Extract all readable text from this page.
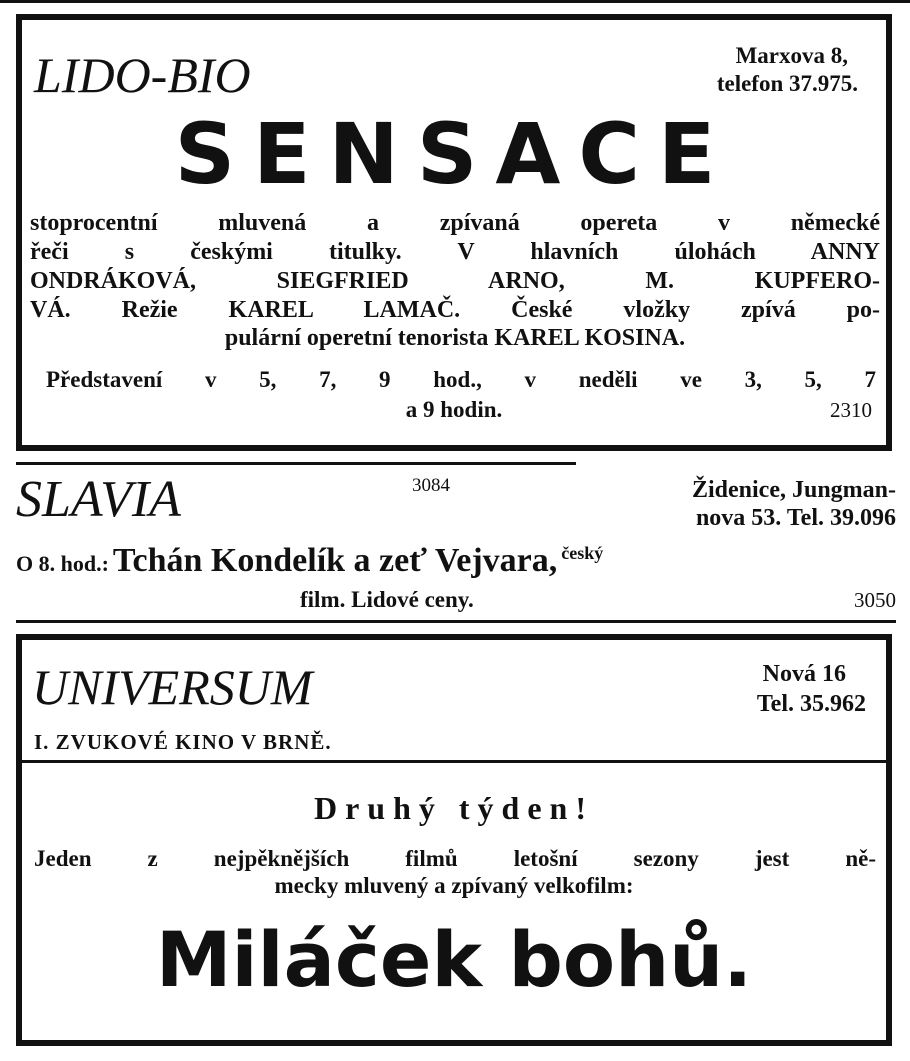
LIDO-BIO	Marxova 8,
telefon 37.975.
SENSACE
stoprocentní mluvená a zpívaná opereta v německé
řeči s českými titulky. V hlavních úlohách ANNY
ONDRÁKOVÁ, SIEGFRIED ARNO, M. KUPFERO-
VÁ. Režie KAREL LAMAČ. České vložky zpívá po-
pulární operetní tenorista KAREL KOSINA.
Představení v 5, 7, 9 hod., v neděli ve 3, 5, 7
a 9 hodin.	2310
SLAVIA	3084	Židenice, Jungman-
nova 53. Tel. 39.096
O 8. hod.: Tchán Kondelík a zeť Vejvara, český
film. Lidové ceny.	3050
UNIVERSUM
I. ZVUKOVÉ KINO V BRNĚ.
Nová 16
Tel. 35.962
Druhý týden!
Jeden z nejpěknějších filmů letošní sezony jest ně-
mecky mluvený a zpívaný velkofilm:
Miláček bohů.
